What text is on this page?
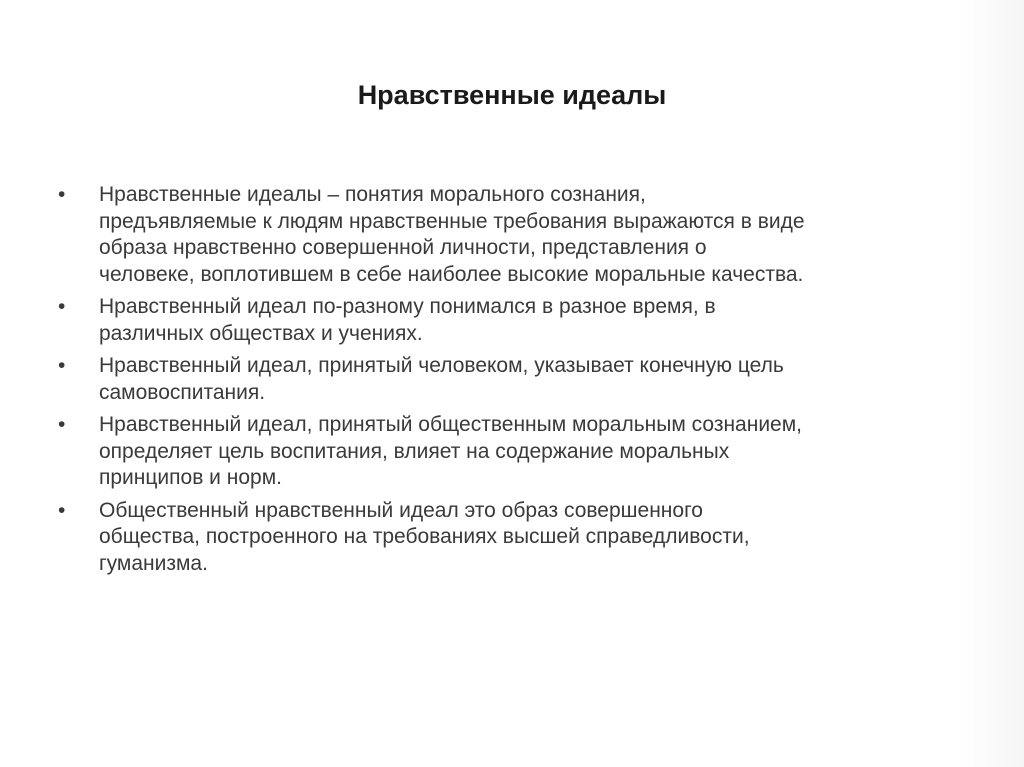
Нравственные идеалы
•	Нравственные идеалы – понятия морального сознания,
предъявляемые к людям нравственные требования выражаются в виде
образа нравственно совершенной личности, представления о
человеке, воплотившем в себе наиболее высокие моральные качества.
•	Нравственный идеал по-разному понимался в разное время, в
различных обществах и учениях.
•	Нравственный идеал, принятый человеком, указывает конечную цель
самовоспитания.
•	Нравственный идеал, принятый общественным моральным сознанием,
определяет цель воспитания, влияет на содержание моральных
принципов и норм.
•	Общественный нравственный идеал это образ совершенного
общества, построенного на требованиях высшей справедливости,
гуманизма.
